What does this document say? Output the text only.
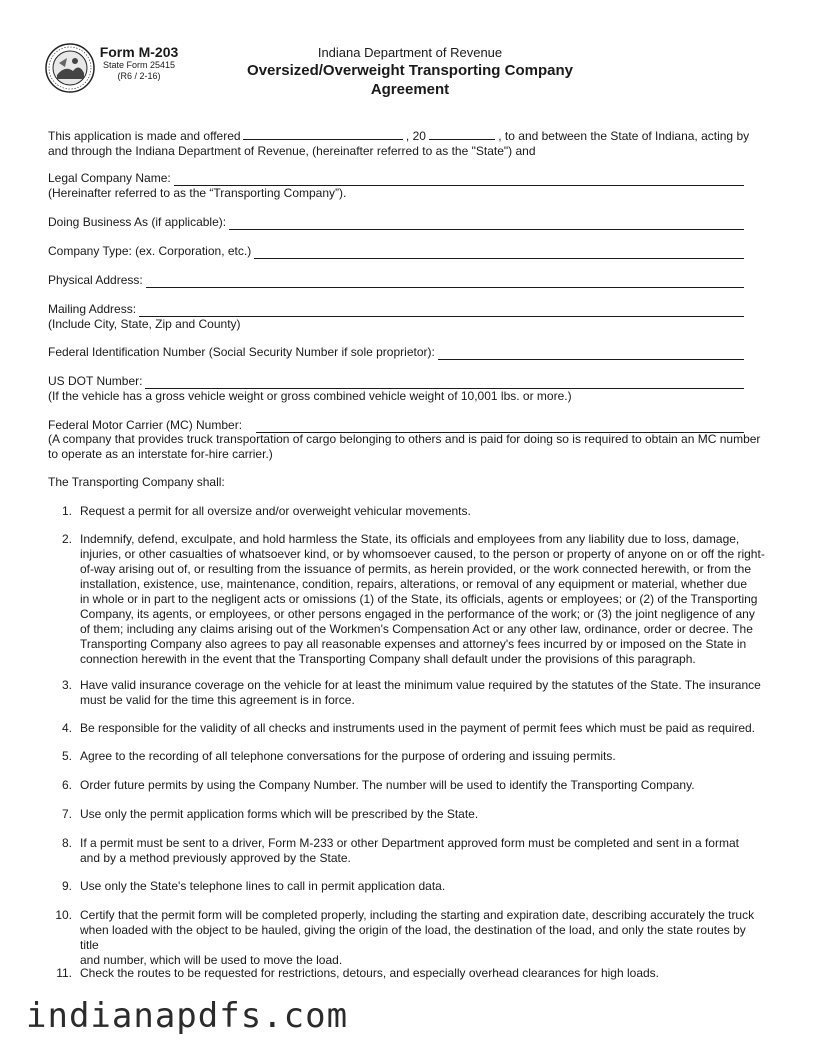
Form M-203
State Form 25415
(R6 / 2-16)
Indiana Department of Revenue
Oversized/Overweight Transporting Company
Agreement
This application is made and offered	, 20	, to and between the State of Indiana, acting by
and through the Indiana Department of Revenue, (hereinafter referred to as the "State") and
Legal Company Name:
(Hereinafter referred to as the “Transporting Company”).
Doing Business As (if applicable):
Company Type: (ex. Corporation, etc.)
Physical Address:
Mailing Address:
(Include City, State, Zip and County)
Federal Identification Number (Social Security Number if sole proprietor):
US DOT Number:
(If the vehicle has a gross vehicle weight or gross combined vehicle weight of 10,001 lbs. or more.)
Federal Motor Carrier (MC) Number:
(A company that provides truck transportation of cargo belonging to others and is paid for doing so is required to obtain an MC number
to operate as an interstate for-hire carrier.)
The Transporting Company shall:
1. Request a permit for all oversize and/or overweight vehicular movements.
2. Indemnify, defend, exculpate, and hold harmless the State, its officials and employees from any liability due to loss, damage,
injuries, or other casualties of whatsoever kind, or by whomsoever caused, to the person or property of anyone on or off the right-
of-way arising out of, or resulting from the issuance of permits, as herein provided, or the work connected herewith, or from the
installation, existence, use, maintenance, condition, repairs, alterations, or removal of any equipment or material, whether due
in whole or in part to the negligent acts or omissions (1) of the State, its officials, agents or employees; or (2) of the Transporting
Company, its agents, or employees, or other persons engaged in the performance of the work; or (3) the joint negligence of any
of them; including any claims arising out of the Workmen's Compensation Act or any other law, ordinance, order or decree. The
Transporting Company also agrees to pay all reasonable expenses and attorney's fees incurred by or imposed on the State in
connection herewith in the event that the Transporting Company shall default under the provisions of this paragraph.
3. Have valid insurance coverage on the vehicle for at least the minimum value required by the statutes of the State. The insurance
must be valid for the time this agreement is in force.
4. Be responsible for the validity of all checks and instruments used in the payment of permit fees which must be paid as required.
5. Agree to the recording of all telephone conversations for the purpose of ordering and issuing permits.
6. Order future permits by using the Company Number. The number will be used to identify the Transporting Company.
7. Use only the permit application forms which will be prescribed by the State.
8. If a permit must be sent to a driver, Form M-233 or other Department approved form must be completed and sent in a format
and by a method previously approved by the State.
9. Use only the State's telephone lines to call in permit application data.
10. Certify that the permit form will be completed properly, including the starting and expiration date, describing accurately the truck
when loaded with the object to be hauled, giving the origin of the load, the destination of the load, and only the state routes by title
and number, which will be used to move the load.
11. Check the routes to be requested for restrictions, detours, and especially overhead clearances for high loads.
indianapdfs.com
